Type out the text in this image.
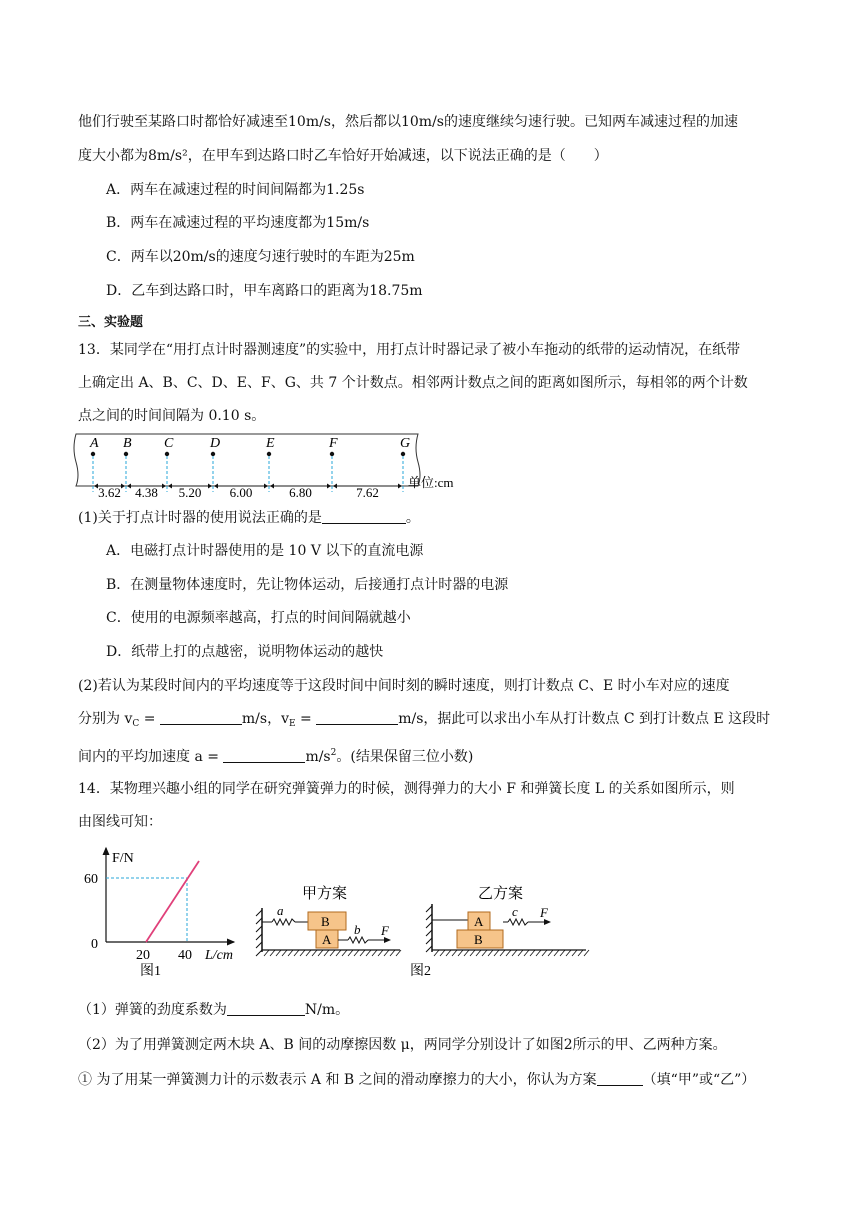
他们行驶至某路口时都恰好减速至10m/s，然后都以10m/s的速度继续匀速行驶。已知两车减速过程的加速
度大小都为8m/s²，在甲车到达路口时乙车恰好开始减速，以下说法正确的是（　　）
A．两车在减速过程的时间间隔都为1.25s
B．两车在减速过程的平均速度都为15m/s
C．两车以20m/s的速度匀速行驶时的车距为25m
D．乙车到达路口时，甲车离路口的距离为18.75m
三、实验题
13．某同学在“用打点计时器测速度”的实验中，用打点计时器记录了被小车拖动的纸带的运动情况，在纸带
上确定出 A、B、C、D、E、F、G、共 7 个计数点。相邻两计数点之间的距离如图所示，每相邻的两个计数
点之间的时间间隔为 0.10 s。
A B C	D	E	F	G
3.62 4.38 5.20 6.00	6.80	7.62
单位:cm
(1)关于打点计时器的使用说法正确的是	。
A．电磁打点计时器使用的是 10 V 以下的直流电源
B．在测量物体速度时，先让物体运动，后接通打点计时器的电源
C．使用的电源频率越高，打点的时间间隔就越小
D．纸带上打的点越密，说明物体运动的越快
(2)若认为某段时间内的平均速度等于这段时间中间时刻的瞬时速度，则打计数点 C、E 时小车对应的速度
分别为 $v_C$ =	m/s，$v_E$ =	m/s，据此可以求出小车从打计数点 C 到打计数点 E 这段时
间内的平均加速度 a =	$m/s^2$。(结果保留三位小数)
14．某物理兴趣小组的同学在研究弹簧弹力的时候，测得弹力的大小 F 和弹簧长度 L 的关系如图所示，则
由图线可知：
F/N
L/cm
60
0
20 40
图1
甲方案
a
B
A
b F
乙方案
A
B
c F
图2
（1）弹簧的劲度系数为	N/m。
（2）为了用弹簧测定两木块 A、B 间的动摩擦因数 μ，两同学分别设计了如图2所示的甲、乙两种方案。
① 为了用某一弹簧测力计的示数表示 A 和 B 之间的滑动摩擦力的大小，你认为方案	（填“甲”或“乙”）
